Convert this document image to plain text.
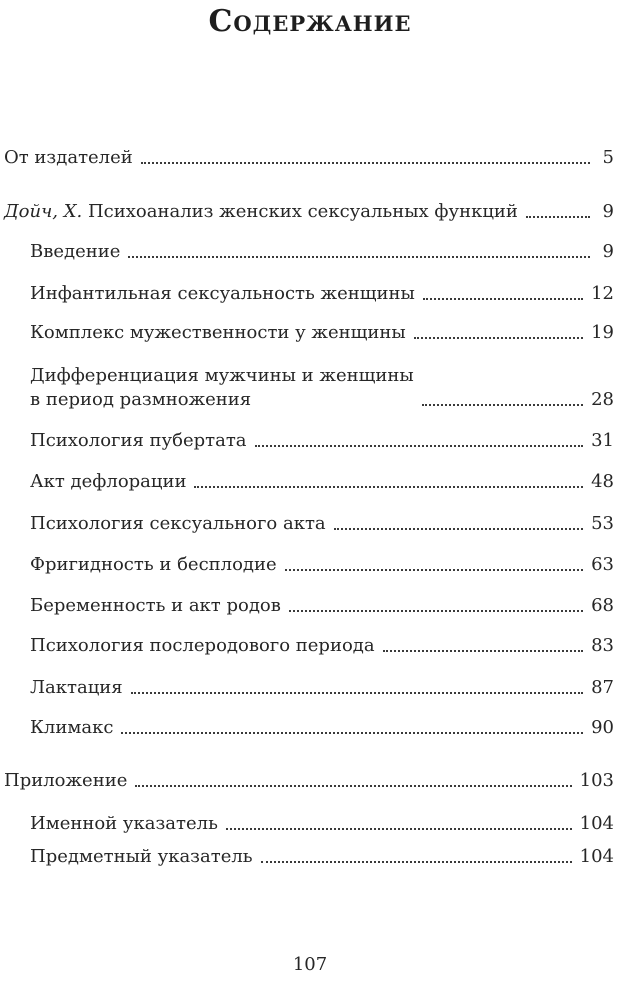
Содержание
От издателей	5
Дойч, Х. Психоанализ женских сексуальных функций	9
Введение	9
Инфантильная сексуальность женщины	12
Комплекс мужественности у женщины	19
Дифференциация мужчины и женщины
в период размножения	28
Психология пубертата	31
Акт дефлорации	48
Психология сексуального акта	53
Фригидность и бесплодие	63
Беременность и акт родов	68
Психология послеродового периода	83
Лактация	87
Климакс	90
Приложение	103
Именной указатель	104
Предметный указатель	104
107
